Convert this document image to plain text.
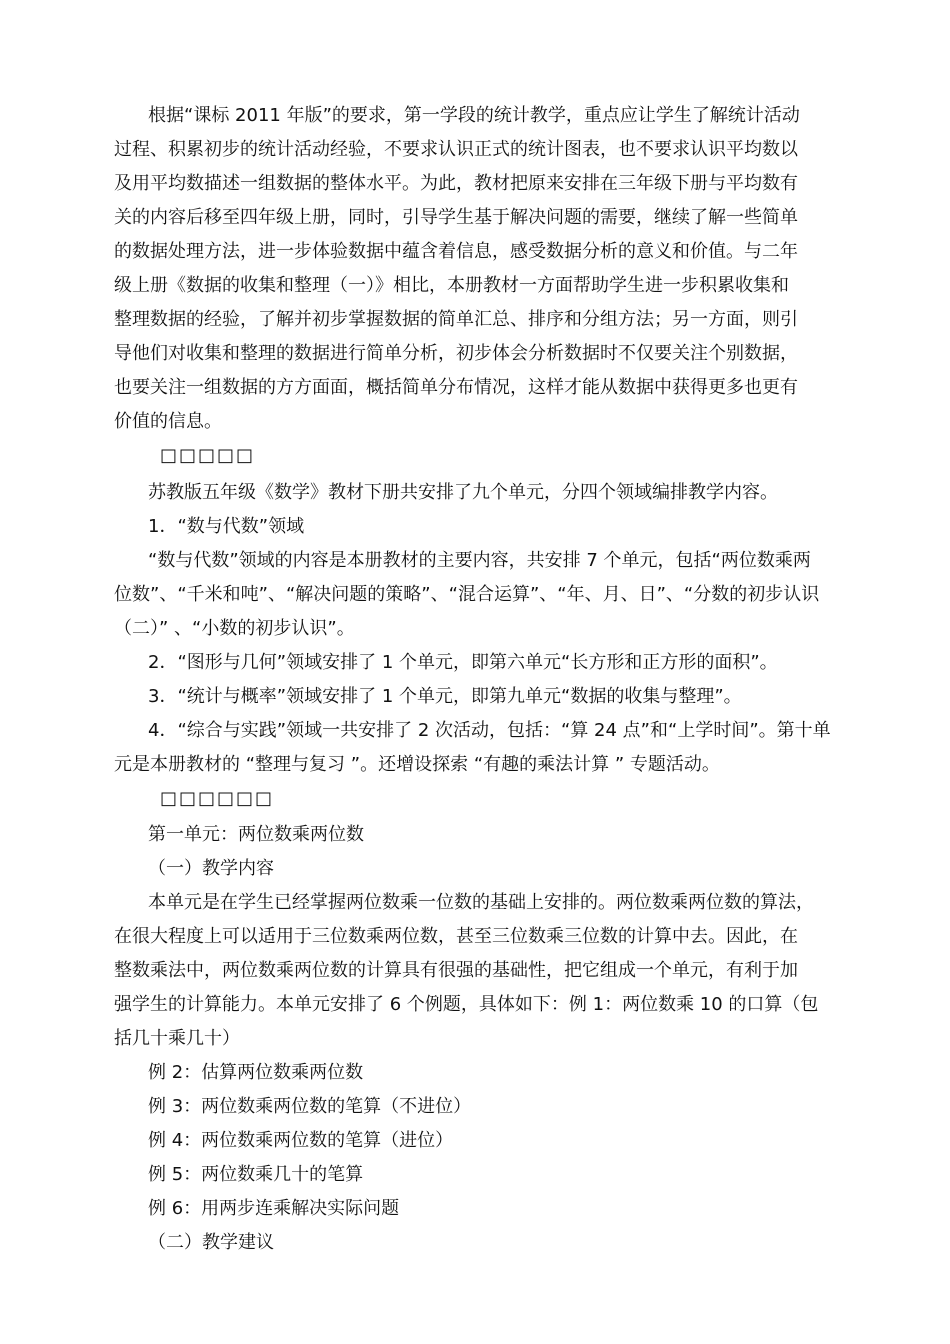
根据“课标 2011 年版”的要求，第一学段的统计教学，重点应让学生了解统计活动
过程、积累初步的统计活动经验，不要求认识正式的统计图表，也不要求认识平均数以
及用平均数描述一组数据的整体水平。为此，教材把原来安排在三年级下册与平均数有
关的内容后移至四年级上册，同时，引导学生基于解决问题的需要，继续了解一些简单
的数据处理方法，进一步体验数据中蕴含着信息，感受数据分析的意义和价值。与二年
级上册《数据的收集和整理（一）》相比，本册教材一方面帮助学生进一步积累收集和
整理数据的经验，了解并初步掌握数据的简单汇总、排序和分组方法；另一方面，则引
导他们对收集和整理的数据进行简单分析，初步体会分析数据时不仅要关注个别数据，
也要关注一组数据的方方面面，概括简单分布情况，这样才能从数据中获得更多也更有
价值的信息。
□□□□□
苏教版五年级《数学》教材下册共安排了九个单元，分四个领域编排教学内容。
1．“数与代数”领域
“数与代数”领域的内容是本册教材的主要内容，共安排 7 个单元，包括“两位数乘两
位数”、“千米和吨”、“解决问题的策略”、“混合运算”、“年、月、日”、“分数的初步认识
（二）” 、“小数的初步认识”。
2．“图形与几何”领域安排了 1 个单元，即第六单元“长方形和正方形的面积”。
3．“统计与概率”领域安排了 1 个单元，即第九单元“数据的收集与整理”。
4．“综合与实践”领域一共安排了 2 次活动，包括：“算 24 点”和“上学时间”。第十单
元是本册教材的 “整理与复习 ”。还增设探索 “有趣的乘法计算 ” 专题活动。
□□□□□□
第一单元：两位数乘两位数
（一）教学内容
本单元是在学生已经掌握两位数乘一位数的基础上安排的。两位数乘两位数的算法，
在很大程度上可以适用于三位数乘两位数，甚至三位数乘三位数的计算中去。因此，在
整数乘法中，两位数乘两位数的计算具有很强的基础性，把它组成一个单元，有利于加
强学生的计算能力。本单元安排了 6 个例题，具体如下：例 1：两位数乘 10 的口算（包
括几十乘几十）
例 2：估算两位数乘两位数
例 3：两位数乘两位数的笔算（不进位）
例 4：两位数乘两位数的笔算（进位）
例 5：两位数乘几十的笔算
例 6：用两步连乘解决实际问题
（二）教学建议
